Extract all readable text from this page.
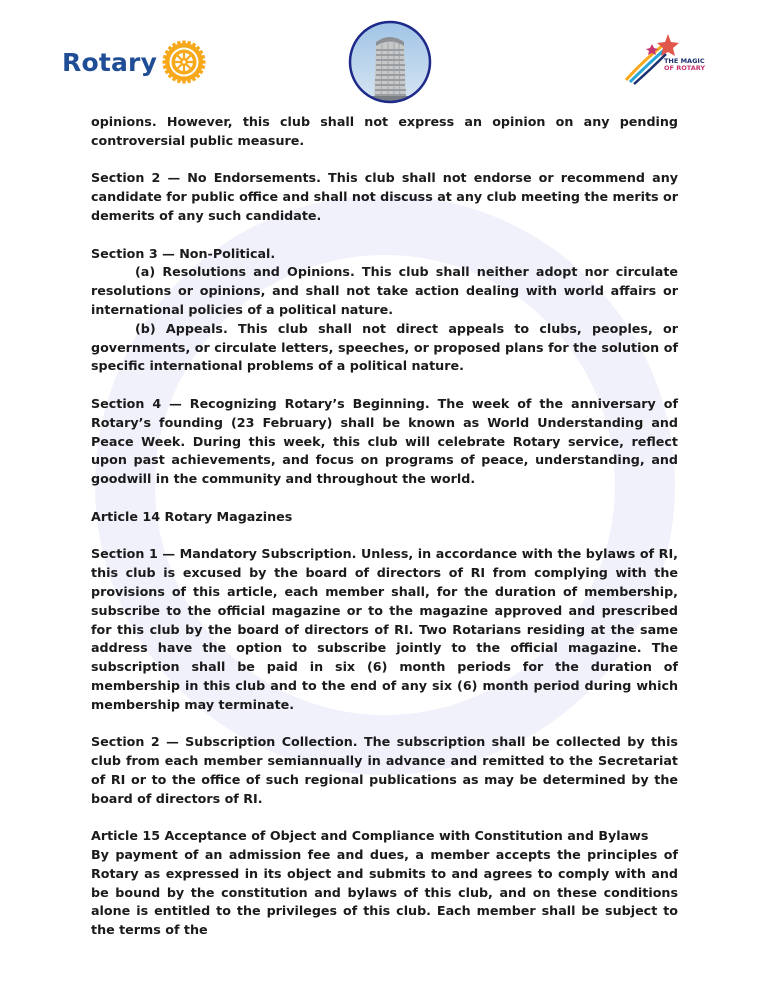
Rotary	THE MAGIC
OF ROTARY

opinions. However, this club shall not express an opinion on any pending controversial public measure.

Section 2 — No Endorsements. This club shall not endorse or recommend any candidate for public office and shall not discuss at any club meeting the merits or demerits of any such candidate.

Section 3 — Non-Political.

(a) Resolutions and Opinions. This club shall neither adopt nor circulate resolutions or opinions, and shall not take action dealing with world affairs or international policies of a political nature.

(b) Appeals. This club shall not direct appeals to clubs, peoples, or governments, or circulate letters, speeches, or proposed plans for the solution of specific international problems of a political nature.

Section 4 — Recognizing Rotary’s Beginning. The week of the anniversary of Rotary’s founding (23 February) shall be known as World Understanding and Peace Week. During this week, this club will celebrate Rotary service, reflect upon past achievements, and focus on programs of peace, understanding, and goodwill in the community and throughout the world.

Article 14 Rotary Magazines

Section 1 — Mandatory Subscription. Unless, in accordance with the bylaws of RI, this club is excused by the board of directors of RI from complying with the provisions of this article, each member shall, for the duration of membership, subscribe to the official magazine or to the magazine approved and prescribed for this club by the board of directors of RI. Two Rotarians residing at the same address have the option to subscribe jointly to the official magazine. The subscription shall be paid in six (6) month periods for the duration of membership in this club and to the end of any six (6) month period during which membership may terminate.

Section 2 — Subscription Collection. The subscription shall be collected by this club from each member semiannually in advance and remitted to the Secretariat of RI or to the office of such regional publications as may be determined by the board of directors of RI.

Article 15 Acceptance of Object and Compliance with Constitution and Bylaws

By payment of an admission fee and dues, a member accepts the principles of Rotary as expressed in its object and submits to and agrees to comply with and be bound by the constitution and bylaws of this club, and on these conditions alone is entitled to the privileges of this club. Each member shall be subject to the terms of the
